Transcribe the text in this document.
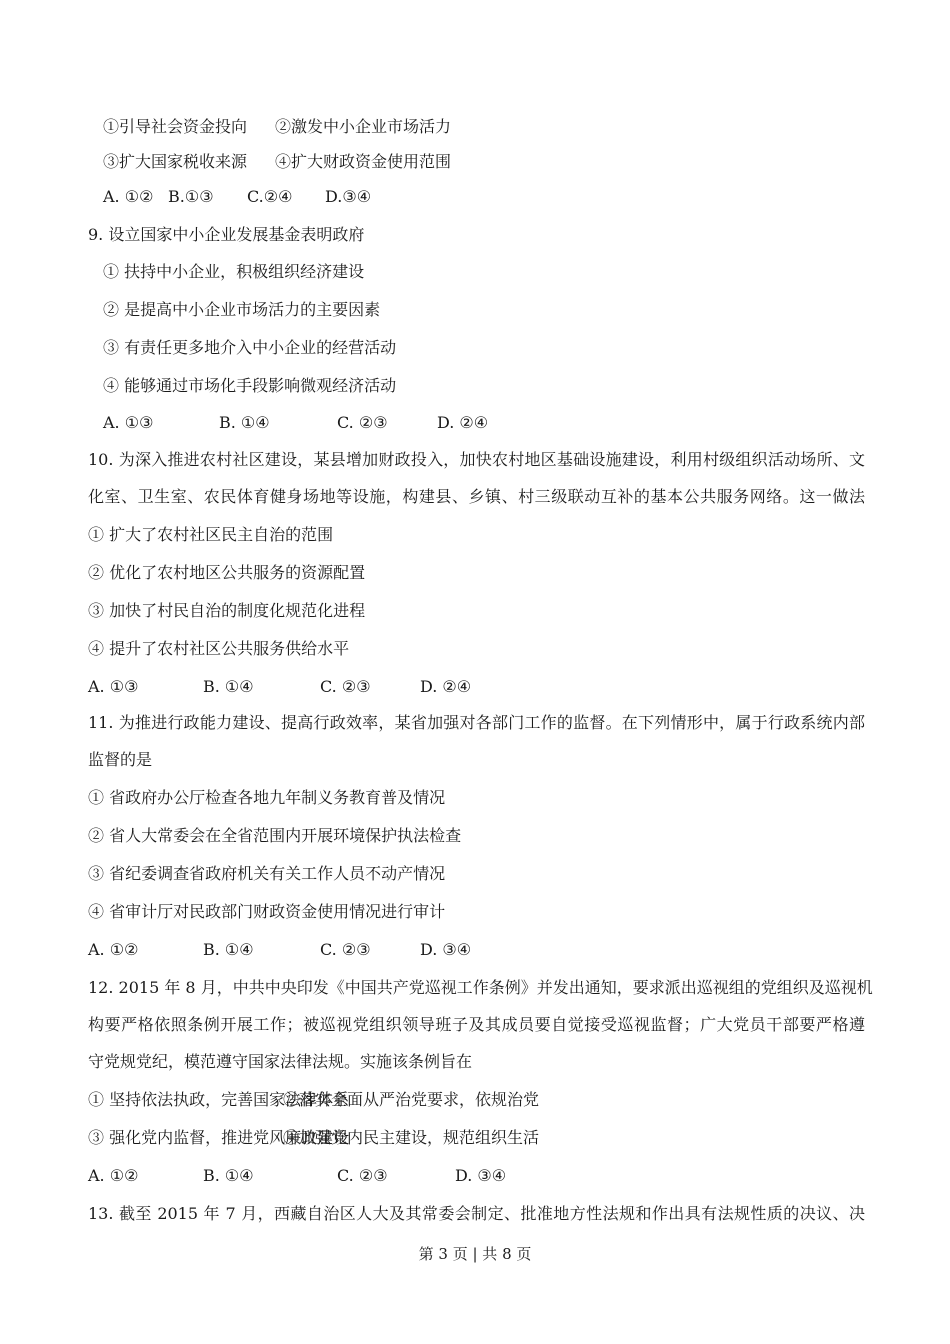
①引导社会资金投向 ②激发中小企业市场活力
③扩大国家税收来源 ④扩大财政资金使用范围
A. ①② B.①③ C.②④ D.③④
9. 设立国家中小企业发展基金表明政府
① 扶持中小企业，积极组织经济建设
② 是提高中小企业市场活力的主要因素
③ 有责任更多地介入中小企业的经营活动
④ 能够通过市场化手段影响微观经济活动
A. ①③	B. ①④	C. ②③	D. ②④
10. 为深入推进农村社区建设，某县增加财政投入，加快农村地区基础设施建设，利用村级组织活动场所、文
化室、卫生室、农民体育健身场地等设施，构建县、乡镇、村三级联动互补的基本公共服务网络。这一做法
① 扩大了农村社区民主自治的范围
② 优化了农村地区公共服务的资源配置
③ 加快了村民自治的制度化规范化进程
④ 提升了农村社区公共服务供给水平
A. ①③	B. ①④	C. ②③	D. ②④
11. 为推进行政能力建设、提高行政效率，某省加强对各部门工作的监督。在下列情形中，属于行政系统内部
监督的是
① 省政府办公厅检查各地九年制义务教育普及情况
② 省人大常委会在全省范围内开展环境保护执法检查
③ 省纪委调查省政府机关有关工作人员不动产情况
④ 省审计厅对民政部门财政资金使用情况进行审计
A. ①②	B. ①④	C. ②③	D. ③④
12. 2015 年 8 月，中共中央印发《中国共产党巡视工作条例》并发出通知，要求派出巡视组的党组织及巡视机
构要严格依照条例开展工作；被巡视党组织领导班子及其成员要自觉接受巡视监督；广大党员干部要严格遵
守党规党纪，模范遵守国家法律法规。实施该条例旨在
① 坚持依法执政，完善国家法律体系
②落实全面从严治党要求，依规治党
③ 强化党内监督，推进党风廉政建设
④加强党内民主建设，规范组织生活
A. ①②	B. ①④	C. ②③	D. ③④
13. 截至 2015 年 7 月，西藏自治区人大及其常委会制定、批准地方性法规和作出具有法规性质的决议、决
第 3 页 | 共 8 页
